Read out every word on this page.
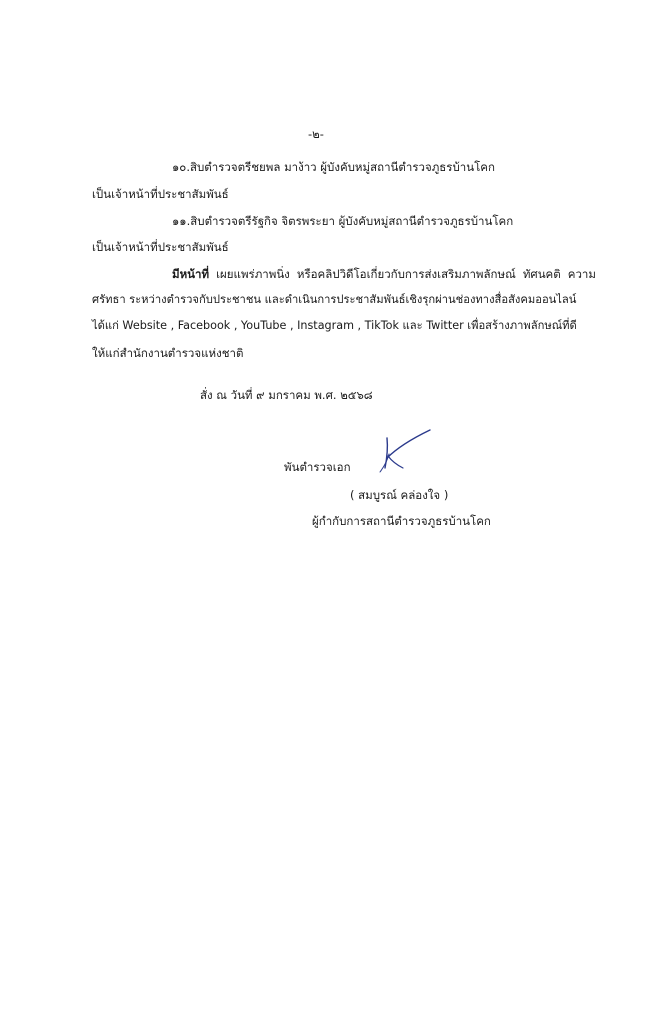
-๒-
๑๐.สิบตำรวจตรีชยพล มาง้าว ผู้บังคับหมู่สถานีตำรวจภูธรบ้านโคก
เป็นเจ้าหน้าที่ประชาสัมพันธ์
๑๑.สิบตำรวจตรีรัฐกิจ จิตรพระยา ผู้บังคับหมู่สถานีตำรวจภูธรบ้านโคก
เป็นเจ้าหน้าที่ประชาสัมพันธ์
มีหน้าที่ เผยแพร่ภาพนิ่ง หรือคลิปวิดีโอเกี่ยวกับการส่งเสริมภาพลักษณ์ ทัศนคติ ความ
ศรัทธา ระหว่างตำรวจกับประชาชน และดำเนินการประชาสัมพันธ์เชิงรุกผ่านช่องทางสื่อสังคมออนไลน์
ได้แก่ Website , Facebook , YouTube , Instagram , TikTok และ Twitter เพื่อสร้างภาพลักษณ์ที่ดี
ให้แก่สำนักงานตำรวจแห่งชาติ
สั่ง ณ วันที่ ๙ มกราคม พ.ศ. ๒๕๖๘
พันตำรวจเอก
( สมบูรณ์ คล่องใจ )
ผู้กำกับการสถานีตำรวจภูธรบ้านโคก
